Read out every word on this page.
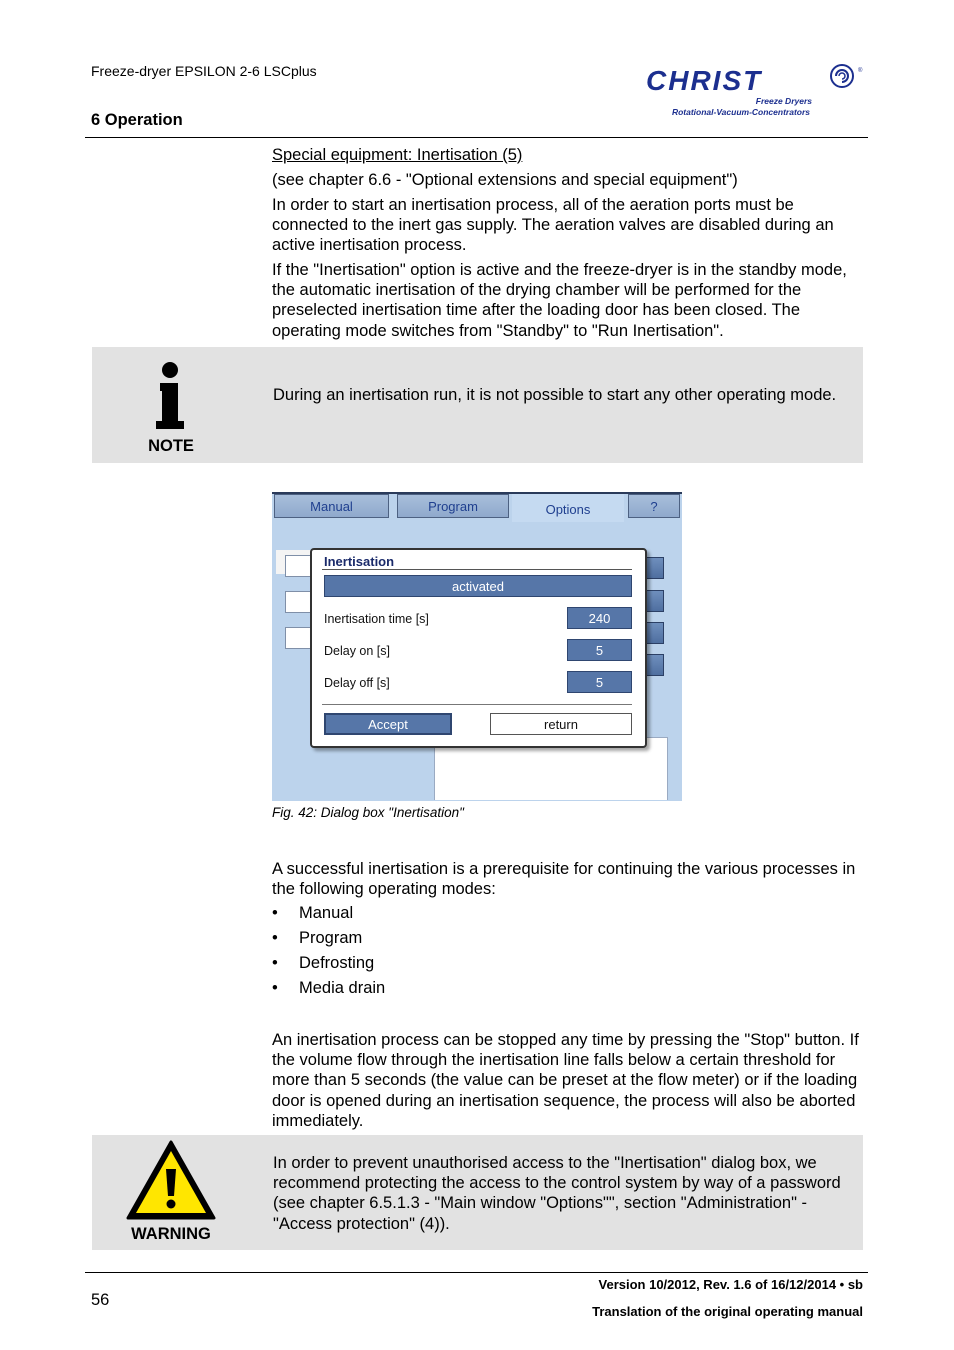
Freeze-dryer EPSILON 2-6 LSCplus
6 Operation
CHRIST	®
Freeze Dryers
Rotational-Vacuum-Concentrators
Special equipment: Inertisation (5)
(see chapter 6.6 - "Optional extensions and special equipment")
In order to start an inertisation process, all of the aeration ports must be connected to the inert gas supply. The aeration valves are disabled during an active inertisation process.
If the "Inertisation" option is active and the freeze-dryer is in the standby mode, the automatic inertisation of the drying chamber will be performed for the preselected inertisation time after the loading door has been closed. The operating mode switches from "Standby" to "Run Inertisation".
NOTE
During an inertisation run, it is not possible to start any other operating mode.
Manual	Program	Options	?
Inertisation
activated
Inertisation time [s]	240
Delay on [s]	5
Delay off [s]	5
Accept	return
Fig. 42: Dialog box "Inertisation"
A successful inertisation is a prerequisite for continuing the various processes in the following operating modes:
• Manual
• Program
• Defrosting
• Media drain
An inertisation process can be stopped any time by pressing the "Stop" button. If the volume flow through the inertisation line falls below a certain threshold for more than 5 seconds (the value can be preset at the flow meter) or if the loading door is opened during an inertisation sequence, the process will also be aborted immediately.
WARNING
In order to prevent unauthorised access to the "Inertisation" dialog box, we recommend protecting the access to the control system by way of a password (see chapter 6.5.1.3 - "Main window "Options"", section "Administration" - "Access protection" (4)).
56
Version 10/2012, Rev. 1.6 of 16/12/2014 • sb
Translation of the original operating manual
